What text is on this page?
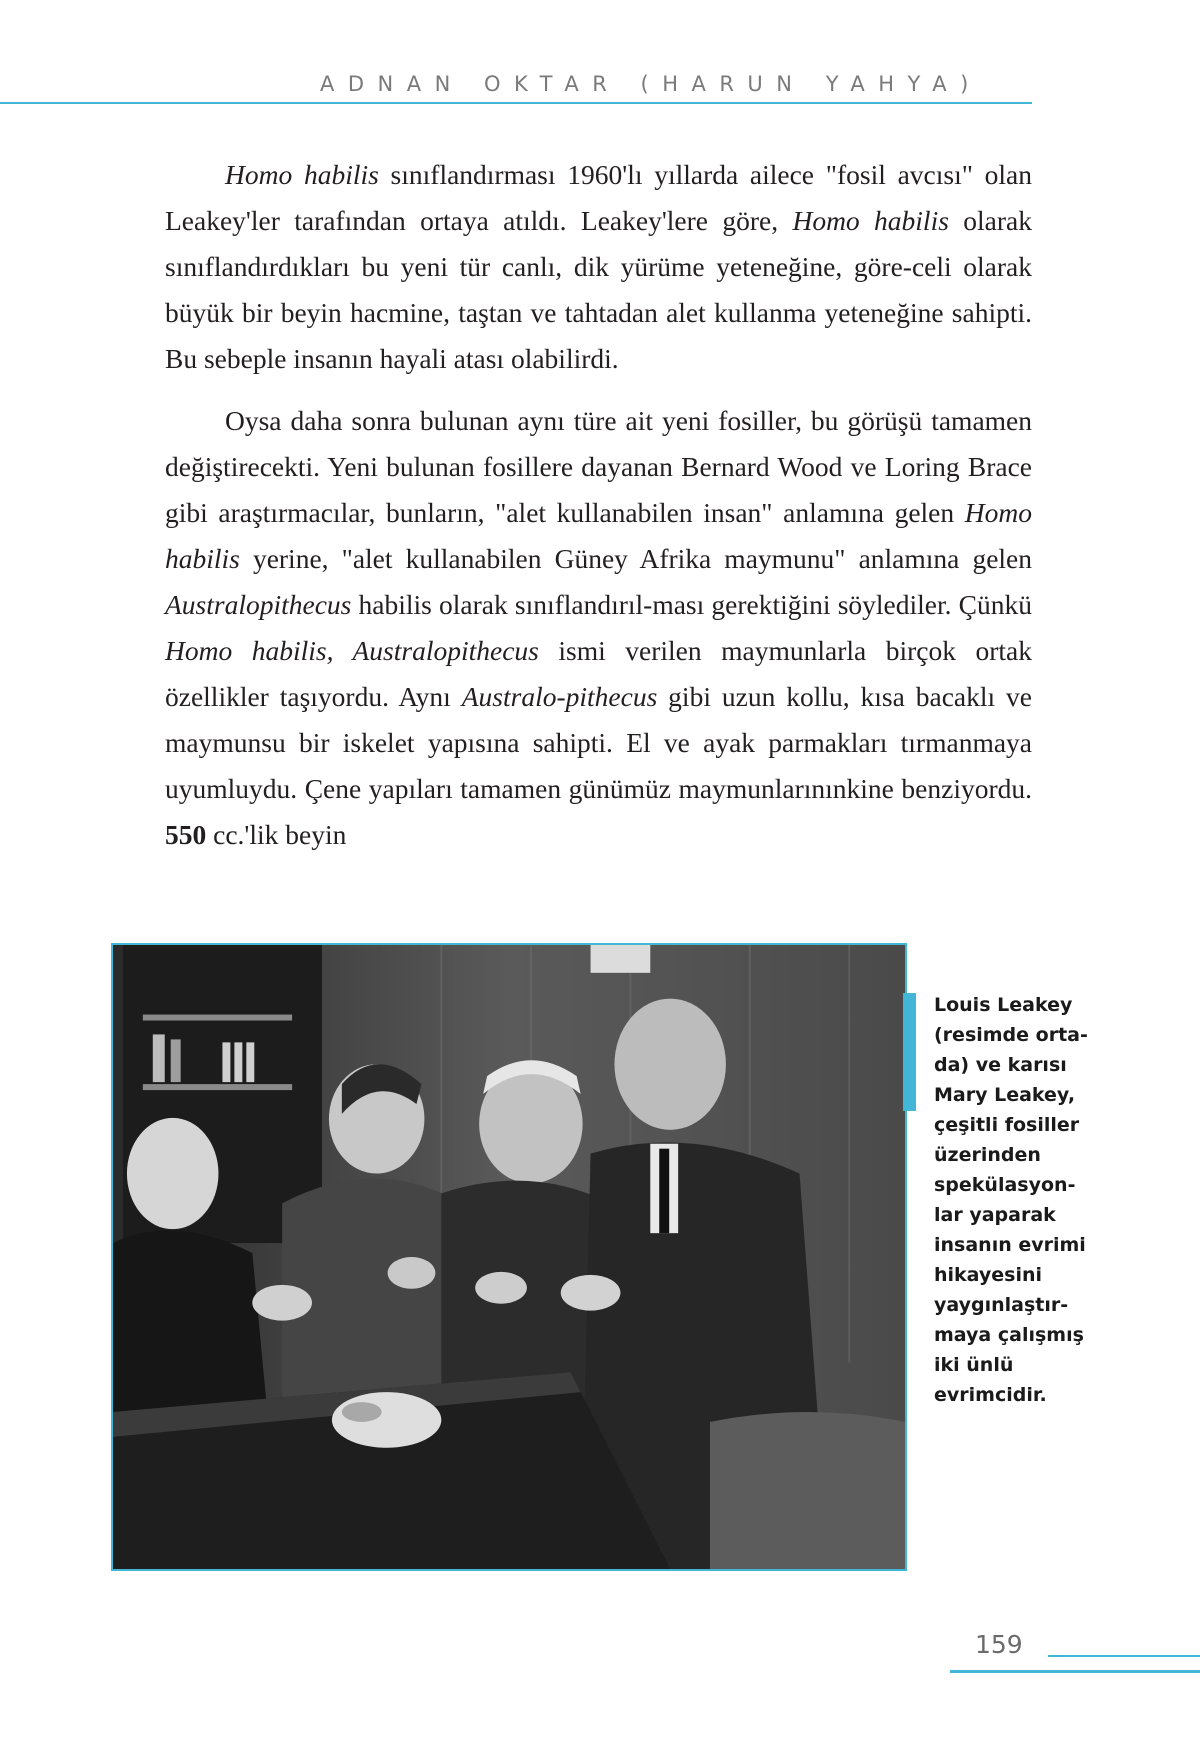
ADNAN OKTAR (HARUN YAHYA)

Homo habilis sınıflandırması 1960'lı yıllarda ailece "fosil avcısı" olan Leakey'ler tarafından ortaya atıldı. Leakey'lere göre, Homo habilis olarak sınıflandırdıkları bu yeni tür canlı, dik yürüme yeteneğine, göre-celi olarak büyük bir beyin hacmine, taştan ve tahtadan alet kullanma yeteneğine sahipti. Bu sebeple insanın hayali atası olabilirdi.

Oysa daha sonra bulunan aynı türe ait yeni fosiller, bu görüşü tamamen değiştirecekti. Yeni bulunan fosillere dayanan Bernard Wood ve Loring Brace gibi araştırmacılar, bunların, "alet kullanabilen insan" anlamına gelen Homo habilis yerine, "alet kullanabilen Güney Afrika maymunu" anlamına gelen Australopithecus habilis olarak sınıflandırıl-ması gerektiğini söylediler. Çünkü Homo habilis, Australopithecus ismi verilen maymunlarla birçok ortak özellikler taşıyordu. Aynı Australo-pithecus gibi uzun kollu, kısa bacaklı ve maymunsu bir iskelet yapısına sahipti. El ve ayak parmakları tırmanmaya uyumluydu. Çene yapıları tamamen günümüz maymunlarınınkine benziyordu. 550 cc.'lik beyin

Louis Leakey
(resimde orta-
da) ve karısı
Mary Leakey,
çeşitli fosiller
üzerinden
spekülasyon-
lar yaparak
insanın evrimi
hikayesini
yaygınlaştır-
maya çalışmış
iki ünlü
evrimcidir.

159
